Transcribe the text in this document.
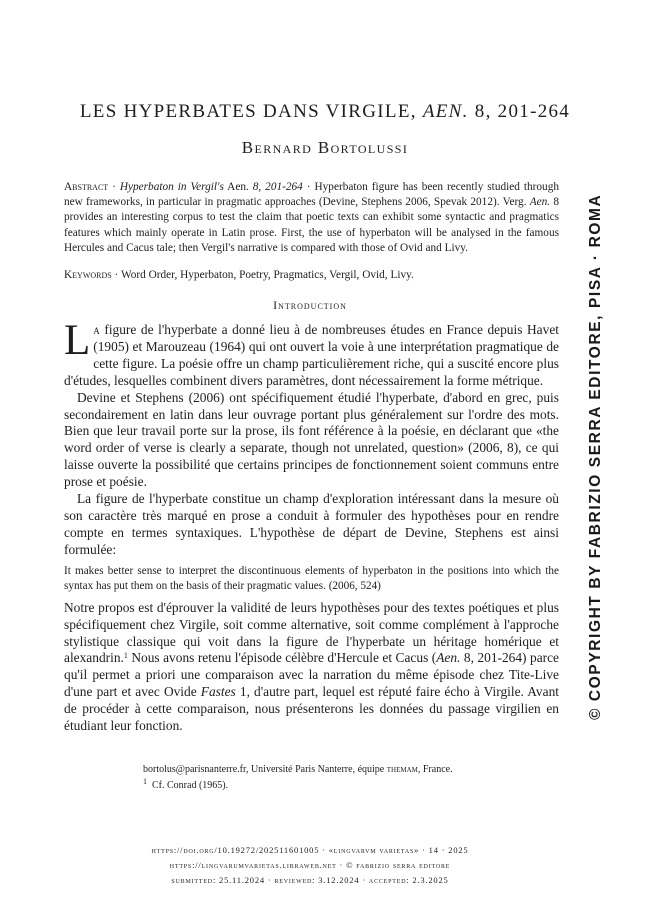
LES HYPERBATES DANS VIRGILE, AEN. 8, 201-264
Bernard Bortolussi
Abstract · Hyperbaton in Vergil's Aen. 8, 201-264 · Hyperbaton figure has been recently studied through new frameworks, in particular in pragmatic approaches (Devine, Stephens 2006, Spevak 2012). Verg. Aen. 8 provides an interesting corpus to test the claim that poetic texts can exhibit some syntactic and pragmatics features which mainly operate in Latin prose. First, the use of hyperbaton will be analysed in the famous Hercules and Cacus tale; then Vergil's narrative is compared with those of Ovid and Livy.
Keywords · Word Order, Hyperbaton, Poetry, Pragmatics, Vergil, Ovid, Livy.
Introduction

La figure de l'hyperbate a donné lieu à de nombreuses études en France depuis Havet (1905) et Marouzeau (1964) qui ont ouvert la voie à une interprétation pragmatique de cette figure. La poésie offre un champ particulièrement riche, qui a suscité encore plus d'études, lesquelles combinent divers paramètres, dont nécessairement la forme métrique.

Devine et Stephens (2006) ont spécifiquement étudié l'hyperbate, d'abord en grec, puis secondairement en latin dans leur ouvrage portant plus généralement sur l'ordre des mots. Bien que leur travail porte sur la prose, ils font référence à la poésie, en déclarant que «the word order of verse is clearly a separate, though not unrelated, question» (2006, 8), ce qui laisse ouverte la possibilité que certains principes de fonctionnement soient communs entre prose et poésie.

La figure de l'hyperbate constitue un champ d'exploration intéressant dans la mesure où son caractère très marqué en prose a conduit à formuler des hypothèses pour en rendre compte en termes syntaxiques. L'hypothèse de départ de Devine, Stephens est ainsi formulée:

It makes better sense to interpret the discontinuous elements of hyperbaton in the positions into which the syntax has put them on the basis of their pragmatic values. (2006, 524)

Notre propos est d'éprouver la validité de leurs hypothèses pour des textes poétiques et plus spécifiquement chez Virgile, soit comme alternative, soit comme complément à l'approche stylistique classique qui voit dans la figure de l'hyperbate un héritage homérique et alexandrin.$^1$ Nous avons retenu l'épisode célèbre d'Hercule et Cacus (Aen. 8, 201-264) parce qu'il permet a priori une comparaison avec la narration du même épisode chez Tite-Live d'une part et avec Ovide Fastes 1, d'autre part, lequel est réputé faire écho à Virgile. Avant de procéder à cette comparaison, nous présenterons les données du passage virgilien en étudiant leur fonction.

bortolus@parisnanterre.fr, Université Paris Nanterre, équipe themam, France.
$^1$ Cf. Conrad (1965).
https://doi.org/10.19272/202511601005 · «lingvarvm varietas» · 14 · 2025
https://lingvarumvarietas.libraweb.net · © fabrizio serra editore
submitted: 25.11.2024 · reviewed: 3.12.2024 · accepted: 2.3.2025
© COPYRIGHT BY FABRIZIO SERRA EDITORE, PISA · ROMA
